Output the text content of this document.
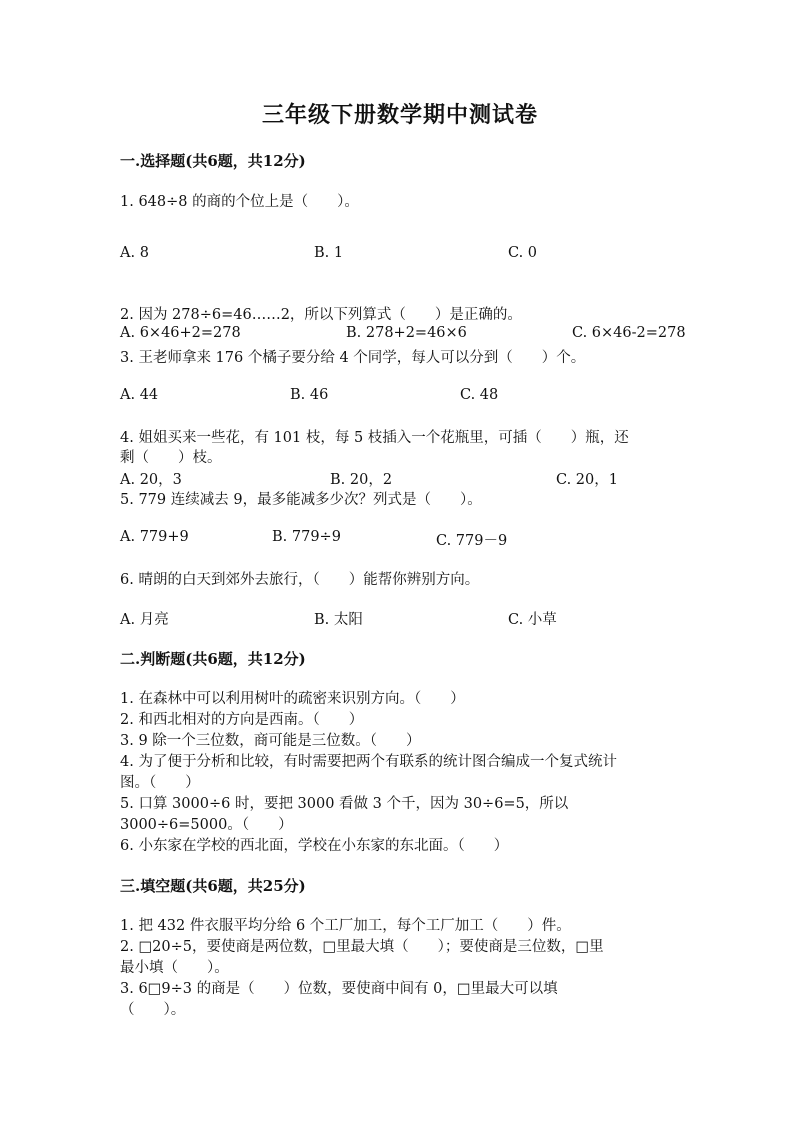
三年级下册数学期中测试卷
一.选择题(共6题，共12分)
1. 648÷8 的商的个位上是（　　）。
A. 8	B. 1	C. 0
2. 因为 278÷6=46……2，所以下列算式（　　）是正确的。
A. 6×46+2=278	B. 278+2=46×6	C. 6×46-2=278
3. 王老师拿来 176 个橘子要分给 4 个同学，每人可以分到（　　）个。
A. 44	B. 46	C. 48
4. 姐姐买来一些花，有 101 枝，每 5 枝插入一个花瓶里，可插（　　）瓶，还
剩（　　）枝。
A. 20，3	B. 20，2	C. 20，1
5. 779 连续减去 9，最多能减多少次？列式是（　　）。
A. 779+9	B. 779÷9	C. 779－9
6. 晴朗的白天到郊外去旅行，（　　）能帮你辨别方向。
A. 月亮	B. 太阳	C. 小草
二.判断题(共6题，共12分)
1. 在森林中可以利用树叶的疏密来识别方向。（　　）
2. 和西北相对的方向是西南。（　　）
3. 9 除一个三位数，商可能是三位数。（　　）
4. 为了便于分析和比较，有时需要把两个有联系的统计图合编成一个复式统计
图。（　　）
5. 口算 3000÷6 时，要把 3000 看做 3 个千，因为 30÷6=5，所以
3000÷6=5000。（　　）
6. 小东家在学校的西北面，学校在小东家的东北面。（　　）
三.填空题(共6题，共25分)
1. 把 432 件衣服平均分给 6 个工厂加工，每个工厂加工（　　）件。
2. □20÷5，要使商是两位数，□里最大填（　　）；要使商是三位数，□里
最小填（　　）。
3. 6□9÷3 的商是（　　）位数，要使商中间有 0，□里最大可以填
（　　）。
